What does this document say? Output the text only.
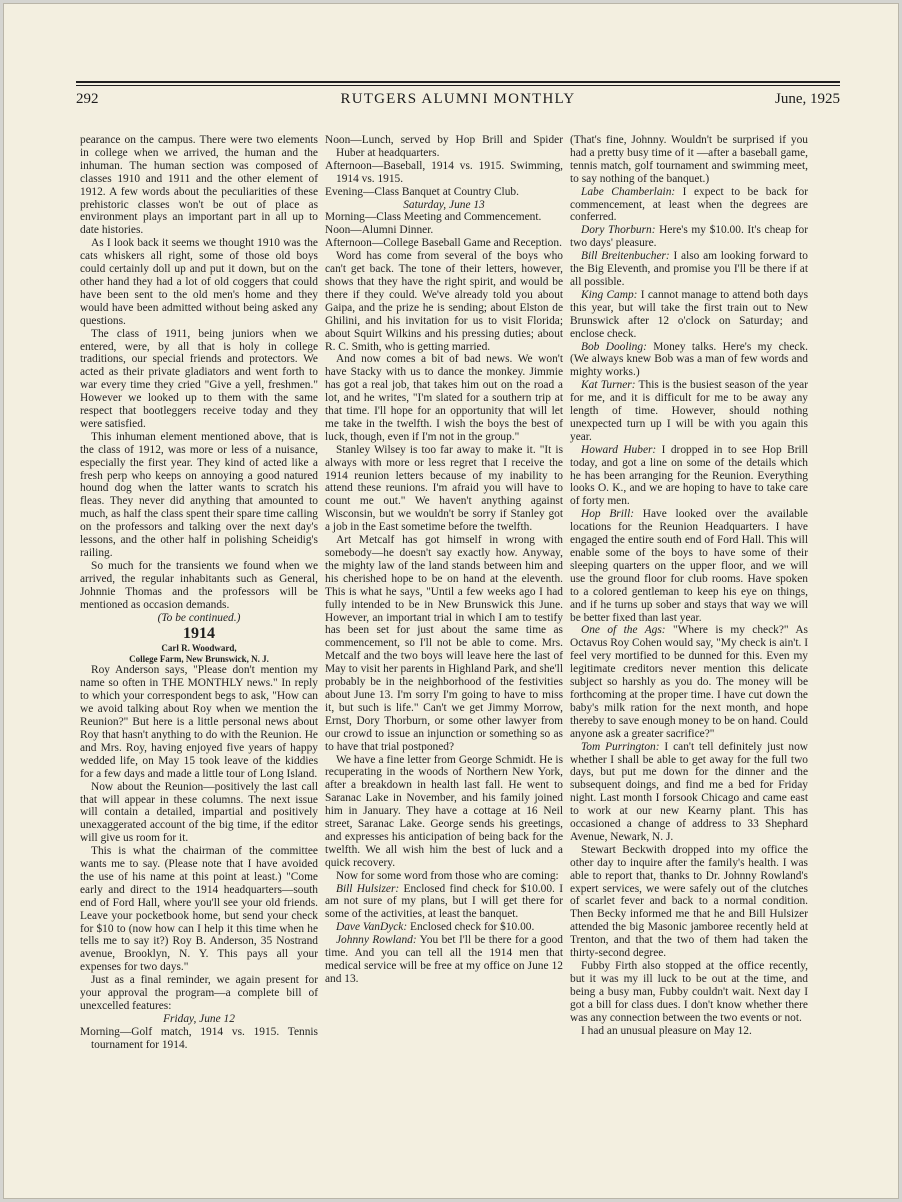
292	RUTGERS ALUMNI MONTHLY	June, 1925

pearance on the campus. There were two elements in college when we arrived, the human and the inhuman. The human section was composed of classes 1910 and 1911 and the other element of 1912. A few words about the peculiarities of these prehistoric classes won't be out of place as environment plays an important part in all up to date histories.

As I look back it seems we thought 1910 was the cats whiskers all right, some of those old boys could certainly doll up and put it down, but on the other hand they had a lot of old coggers that could have been sent to the old men's home and they would have been admitted without being asked any questions.

The class of 1911, being juniors when we entered, were, by all that is holy in college traditions, our special friends and protectors. We acted as their private gladiators and went forth to war every time they cried "Give a yell, freshmen." However we looked up to them with the same respect that bootleggers receive today and they were satisfied.

This inhuman element mentioned above, that is the class of 1912, was more or less of a nuisance, especially the first year. They kind of acted like a fresh perp who keeps on annoying a good natured hound dog when the latter wants to scratch his fleas. They never did anything that amounted to much, as half the class spent their spare time calling on the professors and talking over the next day's lessons, and the other half in polishing Scheidig's railing.

So much for the transients we found when we arrived, the regular inhabitants such as General, Johnnie Thomas and the professors will be mentioned as occasion demands.

(To be continued.)

1914

Carl R. Woodward,

College Farm, New Brunswick, N. J.

Roy Anderson says, "Please don't mention my name so often in THE MONTHLY news." In reply to which your correspondent begs to ask, "How can we avoid talking about Roy when we mention the Reunion?" But here is a little personal news about Roy that hasn't anything to do with the Reunion. He and Mrs. Roy, having enjoyed five years of happy wedded life, on May 15 took leave of the kiddies for a few days and made a little tour of Long Island.

Now about the Reunion—positively the last call that will appear in these columns. The next issue will contain a detailed, impartial and positively unexaggerated account of the big time, if the editor will give us room for it.

This is what the chairman of the committee wants me to say. (Please note that I have avoided the use of his name at this point at least.) "Come early and direct to the 1914 headquarters—south end of Ford Hall, where you'll see your old friends. Leave your pocketbook home, but send your check for $10 to (now how can I help it this time when he tells me to say it?) Roy B. Anderson, 35 Nostrand avenue, Brooklyn, N. Y. This pays all your expenses for two days."

Just as a final reminder, we again present for your approval the program—a complete bill of unexcelled features:

Friday, June 12

Morning—Golf match, 1914 vs. 1915. Tennis tournament for 1914.

Noon—Lunch, served by Hop Brill and Spider Huber at headquarters.

Afternoon—Baseball, 1914 vs. 1915. Swimming, 1914 vs. 1915.

Evening—Class Banquet at Country Club.

Saturday, June 13

Morning—Class Meeting and Commencement.

Noon—Alumni Dinner.

Afternoon—College Baseball Game and Reception.

Word has come from several of the boys who can't get back. The tone of their letters, however, shows that they have the right spirit, and would be there if they could. We've already told you about Gaipa, and the prize he is sending; about Elston de Ghilini, and his invitation for us to visit Florida; about Squirt Wilkins and his pressing duties; about R. C. Smith, who is getting married.

And now comes a bit of bad news. We won't have Stacky with us to dance the monkey. Jimmie has got a real job, that takes him out on the road a lot, and he writes, "I'm slated for a southern trip at that time. I'll hope for an opportunity that will let me take in the twelfth. I wish the boys the best of luck, though, even if I'm not in the group."

Stanley Wilsey is too far away to make it. "It is always with more or less regret that I receive the 1914 reunion letters because of my inability to attend these reunions. I'm afraid you will have to count me out." We haven't anything against Wisconsin, but we wouldn't be sorry if Stanley got a job in the East sometime before the twelfth.

Art Metcalf has got himself in wrong with somebody—he doesn't say exactly how. Anyway, the mighty law of the land stands between him and his cherished hope to be on hand at the eleventh. This is what he says, "Until a few weeks ago I had fully intended to be in New Brunswick this June. However, an important trial in which I am to testify has been set for just about the same time as commencement, so I'll not be able to come. Mrs. Metcalf and the two boys will leave here the last of May to visit her parents in Highland Park, and she'll probably be in the neighborhood of the festivities about June 13. I'm sorry I'm going to have to miss it, but such is life." Can't we get Jimmy Morrow, Ernst, Dory Thorburn, or some other lawyer from our crowd to issue an injunction or something so as to have that trial postponed?

We have a fine letter from George Schmidt. He is recuperating in the woods of Northern New York, after a breakdown in health last fall. He went to Saranac Lake in November, and his family joined him in January. They have a cottage at 16 Neil street, Saranac Lake. George sends his greetings, and expresses his anticipation of being back for the twelfth. We all wish him the best of luck and a quick recovery.

Now for some word from those who are coming:

Bill Hulsizer: Enclosed find check for $10.00. I am not sure of my plans, but I will get there for some of the activities, at least the banquet.

Dave VanDyck: Enclosed check for $10.00.

Johnny Rowland: You bet I'll be there for a good time. And you can tell all the 1914 men that medical service will be free at my office on June 12 and 13.

(That's fine, Johnny. Wouldn't be surprised if you had a pretty busy time of it —after a baseball game, tennis match, golf tournament and swimming meet, to say nothing of the banquet.)

Labe Chamberlain: I expect to be back for commencement, at least when the degrees are conferred.

Dory Thorburn: Here's my $10.00. It's cheap for two days' pleasure.

Bill Breitenbucher: I also am looking forward to the Big Eleventh, and promise you I'll be there if at all possible.

King Camp: I cannot manage to attend both days this year, but will take the first train out to New Brunswick after 12 o'clock on Saturday; and enclose check.

Bob Dooling: Money talks. Here's my check. (We always knew Bob was a man of few words and mighty works.)

Kat Turner: This is the busiest season of the year for me, and it is difficult for me to be away any length of time. However, should nothing unexpected turn up I will be with you again this year.

Howard Huber: I dropped in to see Hop Brill today, and got a line on some of the details which he has been arranging for the Reunion. Everything looks O. K., and we are hoping to have to take care of forty men.

Hop Brill: Have looked over the available locations for the Reunion Headquarters. I have engaged the entire south end of Ford Hall. This will enable some of the boys to have some of their sleeping quarters on the upper floor, and we will use the ground floor for club rooms. Have spoken to a colored gentleman to keep his eye on things, and if he turns up sober and stays that way we will be better fixed than last year.

One of the Ags: "Where is my check?" As Octavus Roy Cohen would say, "My check is ain't. I feel very mortified to be dunned for this. Even my legitimate creditors never mention this delicate subject so harshly as you do. The money will be forthcoming at the proper time. I have cut down the baby's milk ration for the next month, and hope thereby to save enough money to be on hand. Could anyone ask a greater sacrifice?"

Tom Purrington: I can't tell definitely just now whether I shall be able to get away for the full two days, but put me down for the dinner and the subsequent doings, and find me a bed for Friday night. Last month I forsook Chicago and came east to work at our new Kearny plant. This has occasioned a change of address to 33 Shephard Avenue, Newark, N. J.

Stewart Beckwith dropped into my office the other day to inquire after the family's health. I was able to report that, thanks to Dr. Johnny Rowland's expert services, we were safely out of the clutches of scarlet fever and back to a normal condition. Then Becky informed me that he and Bill Hulsizer attended the big Masonic jamboree recently held at Trenton, and that the two of them had taken the thirty-second degree.

Fubby Firth also stopped at the office recently, but it was my ill luck to be out at the time, and being a busy man, Fubby couldn't wait. Next day I got a bill for class dues. I don't know whether there was any connection between the two events or not.

I had an unusual pleasure on May 12.
